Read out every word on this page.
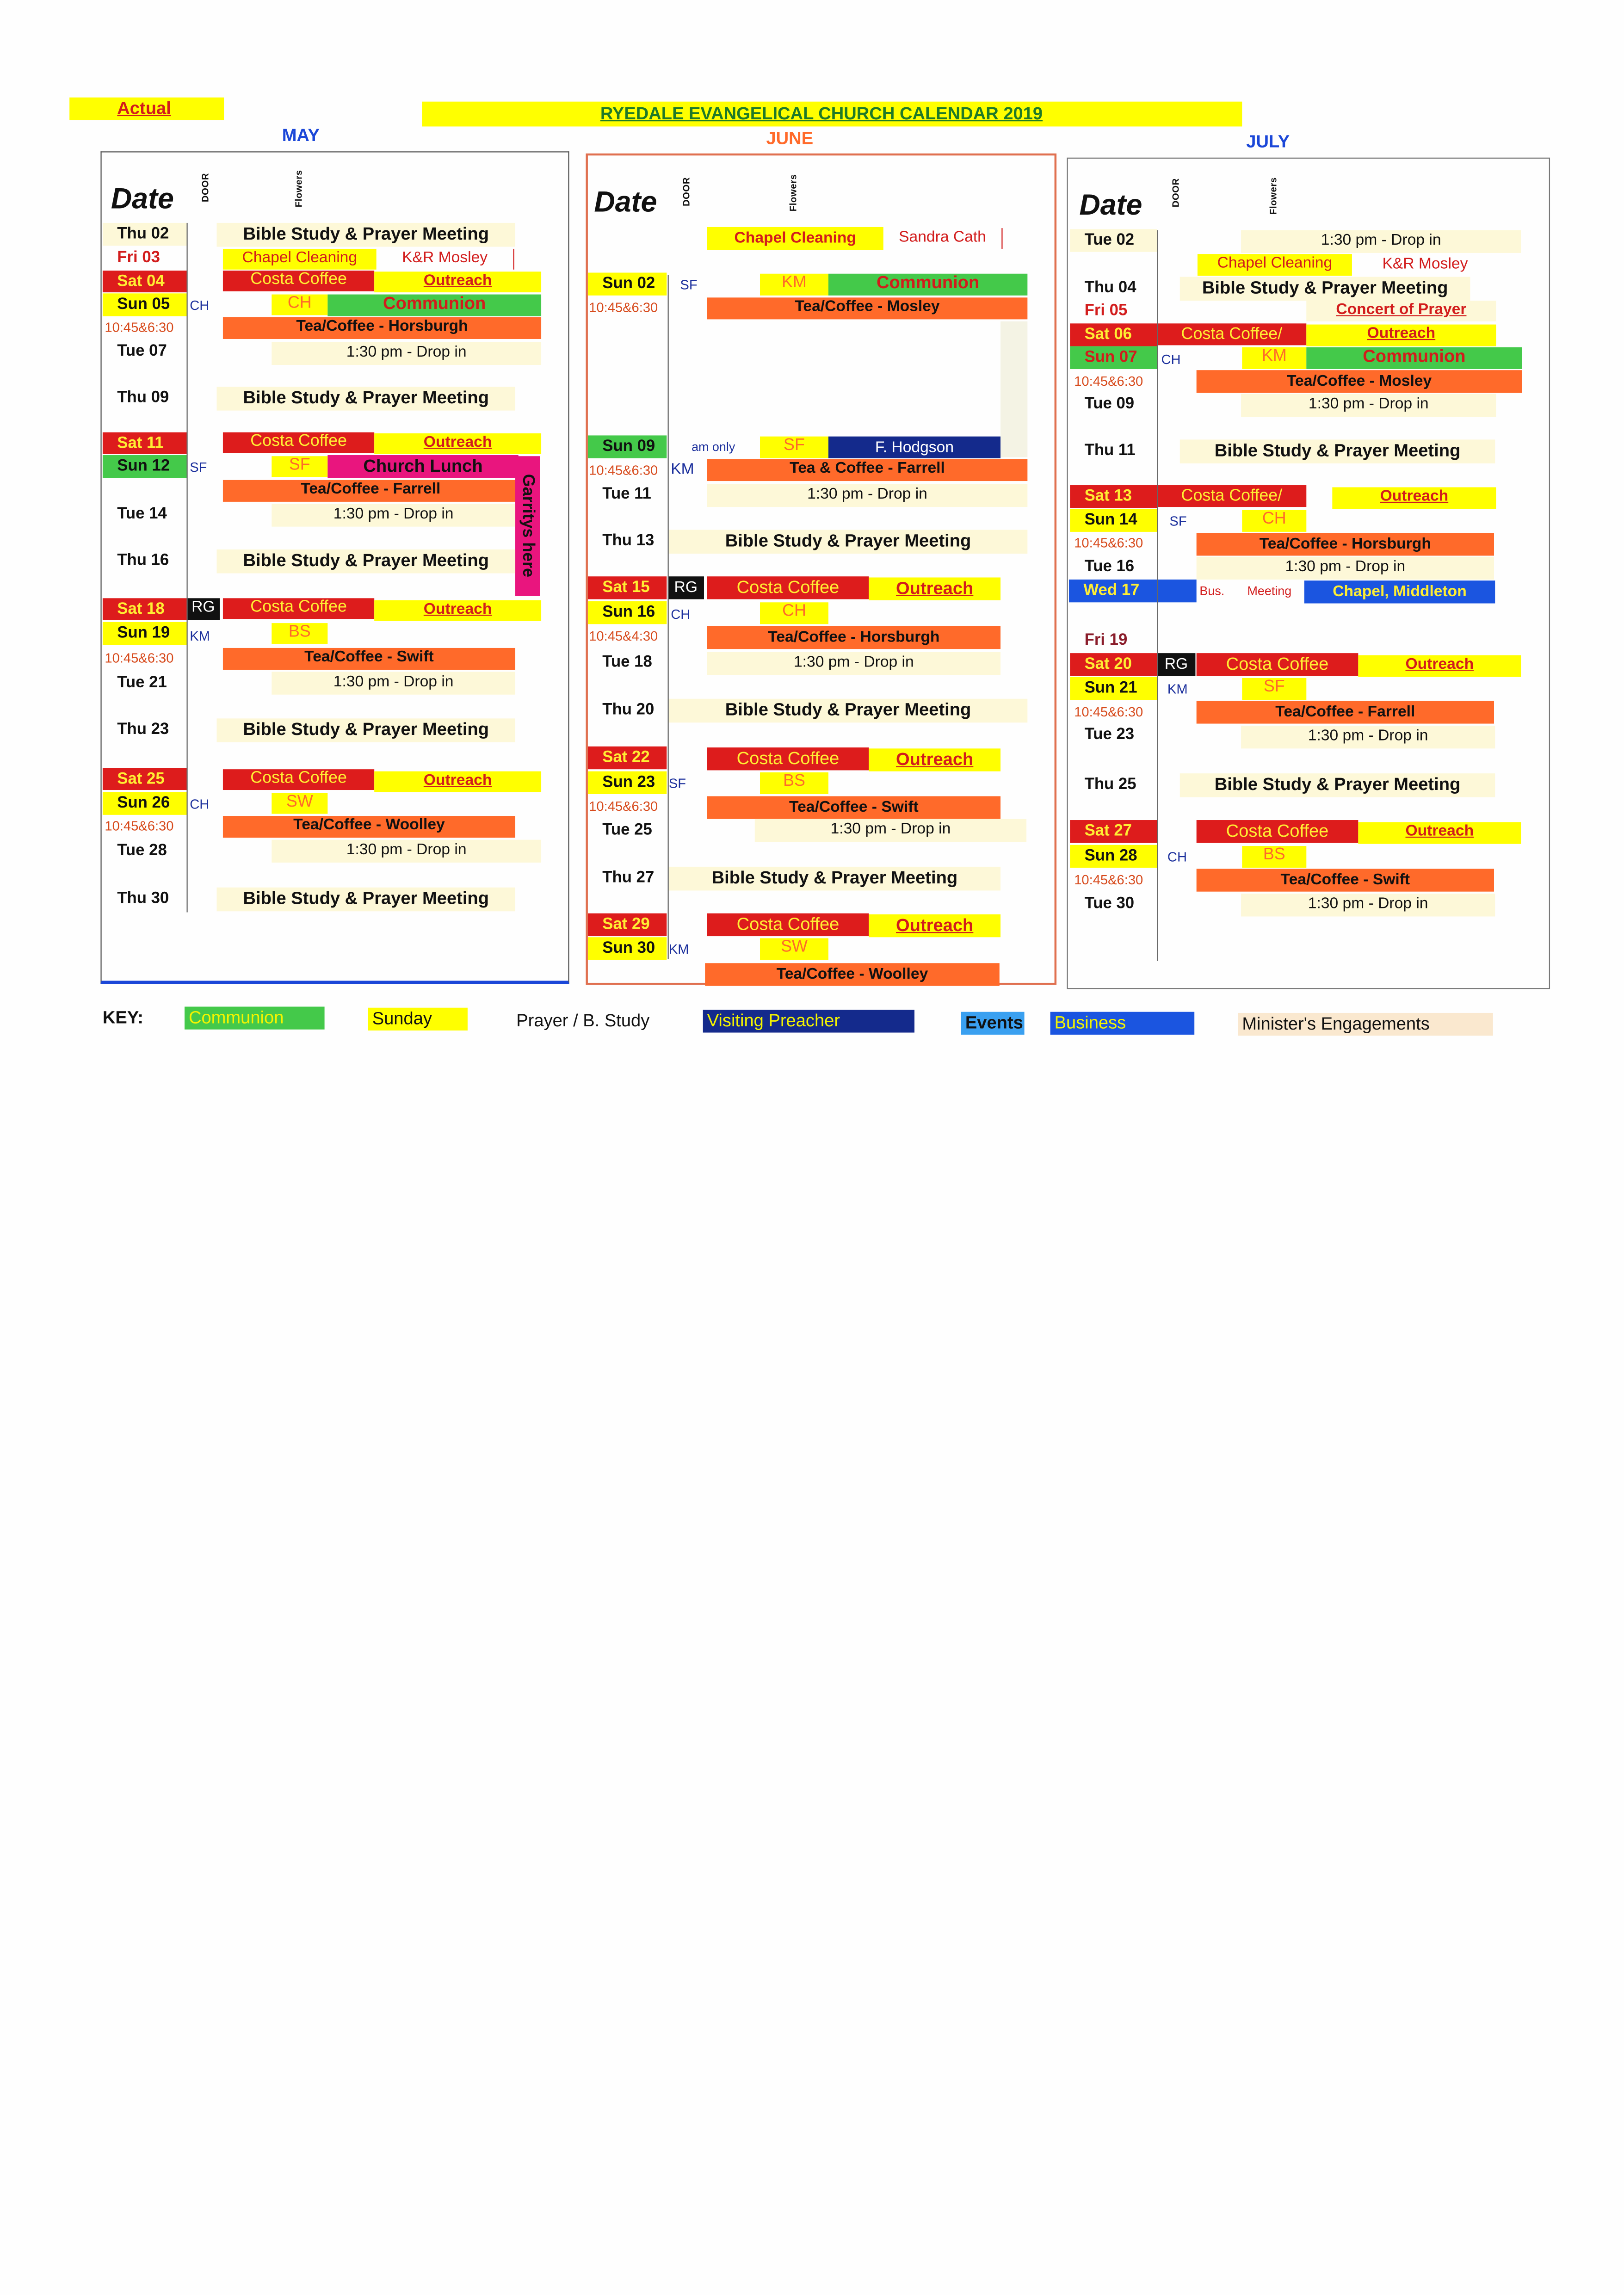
Actual	RYEDALE EVANGELICAL CHURCH CALENDAR 2019
MAY	JUNE	JULY
Date	DOOR	Flowers	Date	DOOR	Flowers	Date	DOOR	Flowers
Thu 02	Bible Study & Prayer Meeting
Fri 03	Chapel Cleaning	K&R Mosley
Sat 04	Costa Coffee	Outreach
Sun 05	CH	CH	Communion
10:45&6:30	Tea/Coffee - Horsburgh
Tue 07	1:30 pm - Drop in
Thu 09	Bible Study & Prayer Meeting
Sat 11	Costa Coffee	Outreach
Sun 12	SF	SF	Church Lunch
Tea/Coffee - Farrell	Garritys here
Tue 14	1:30 pm - Drop in
Thu 16	Bible Study & Prayer Meeting
Sat 18	RG	Costa Coffee	Outreach
Sun 19	KM	BS
10:45&6:30	Tea/Coffee - Swift
Tue 21	1:30 pm - Drop in
Thu 23	Bible Study & Prayer Meeting
Sat 25	Costa Coffee	Outreach
Sun 26	CH	SW
10:45&6:30	Tea/Coffee - Woolley
Tue 28	1:30 pm - Drop in
Thu 30	Bible Study & Prayer Meeting
Chapel Cleaning	Sandra Cath
Sun 02	SF	KM	Communion
10:45&6:30	Tea/Coffee - Mosley
Sun 09	am only	SF	F. Hodgson
10:45&6:30	KM	Tea & Coffee - Farrell
Tue 11	1:30 pm - Drop in
Thu 13	Bible Study & Prayer Meeting
Sat 15	RG	Costa Coffee	Outreach
Sun 16	CH	CH
10:45&4:30	Tea/Coffee - Horsburgh
Tue 18	1:30 pm - Drop in
Thu 20	Bible Study & Prayer Meeting
Sat 22	Costa Coffee	Outreach
Sun 23	SF	BS
10:45&6:30	Tea/Coffee - Swift
Tue 25	1:30 pm - Drop in
Thu 27	Bible Study & Prayer Meeting
Sat 29	Costa Coffee	Outreach
Sun 30	KM	SW
Tea/Coffee - Woolley
Tue 02	1:30 pm - Drop in
Chapel Cleaning	K&R Mosley
Thu 04	Bible Study & Prayer Meeting
Fri 05	Concert of Prayer
Sat 06	Costa Coffee/	Outreach
Sun 07	CH	KM	Communion
10:45&6:30	Tea/Coffee - Mosley
Tue 09	1:30 pm - Drop in
Thu 11	Bible Study & Prayer Meeting
Sat 13	Costa Coffee/	Outreach
Sun 14	SF	CH
10:45&6:30	Tea/Coffee - Horsburgh
Tue 16	1:30 pm - Drop in
Wed 17	Bus.	Meeting	Chapel, Middleton
Fri 19
Sat 20	RG	Costa Coffee	Outreach
Sun 21	KM	SF
10:45&6:30	Tea/Coffee - Farrell
Tue 23	1:30 pm - Drop in
Thu 25	Bible Study & Prayer Meeting
Sat 27	Costa Coffee	Outreach
Sun 28	CH	BS
10:45&6:30	Tea/Coffee - Swift
Tue 30	1:30 pm - Drop in
KEY:	Communion	Sunday	Prayer / B. Study	Visiting Preacher	Events	Business	Minister's Engagements
